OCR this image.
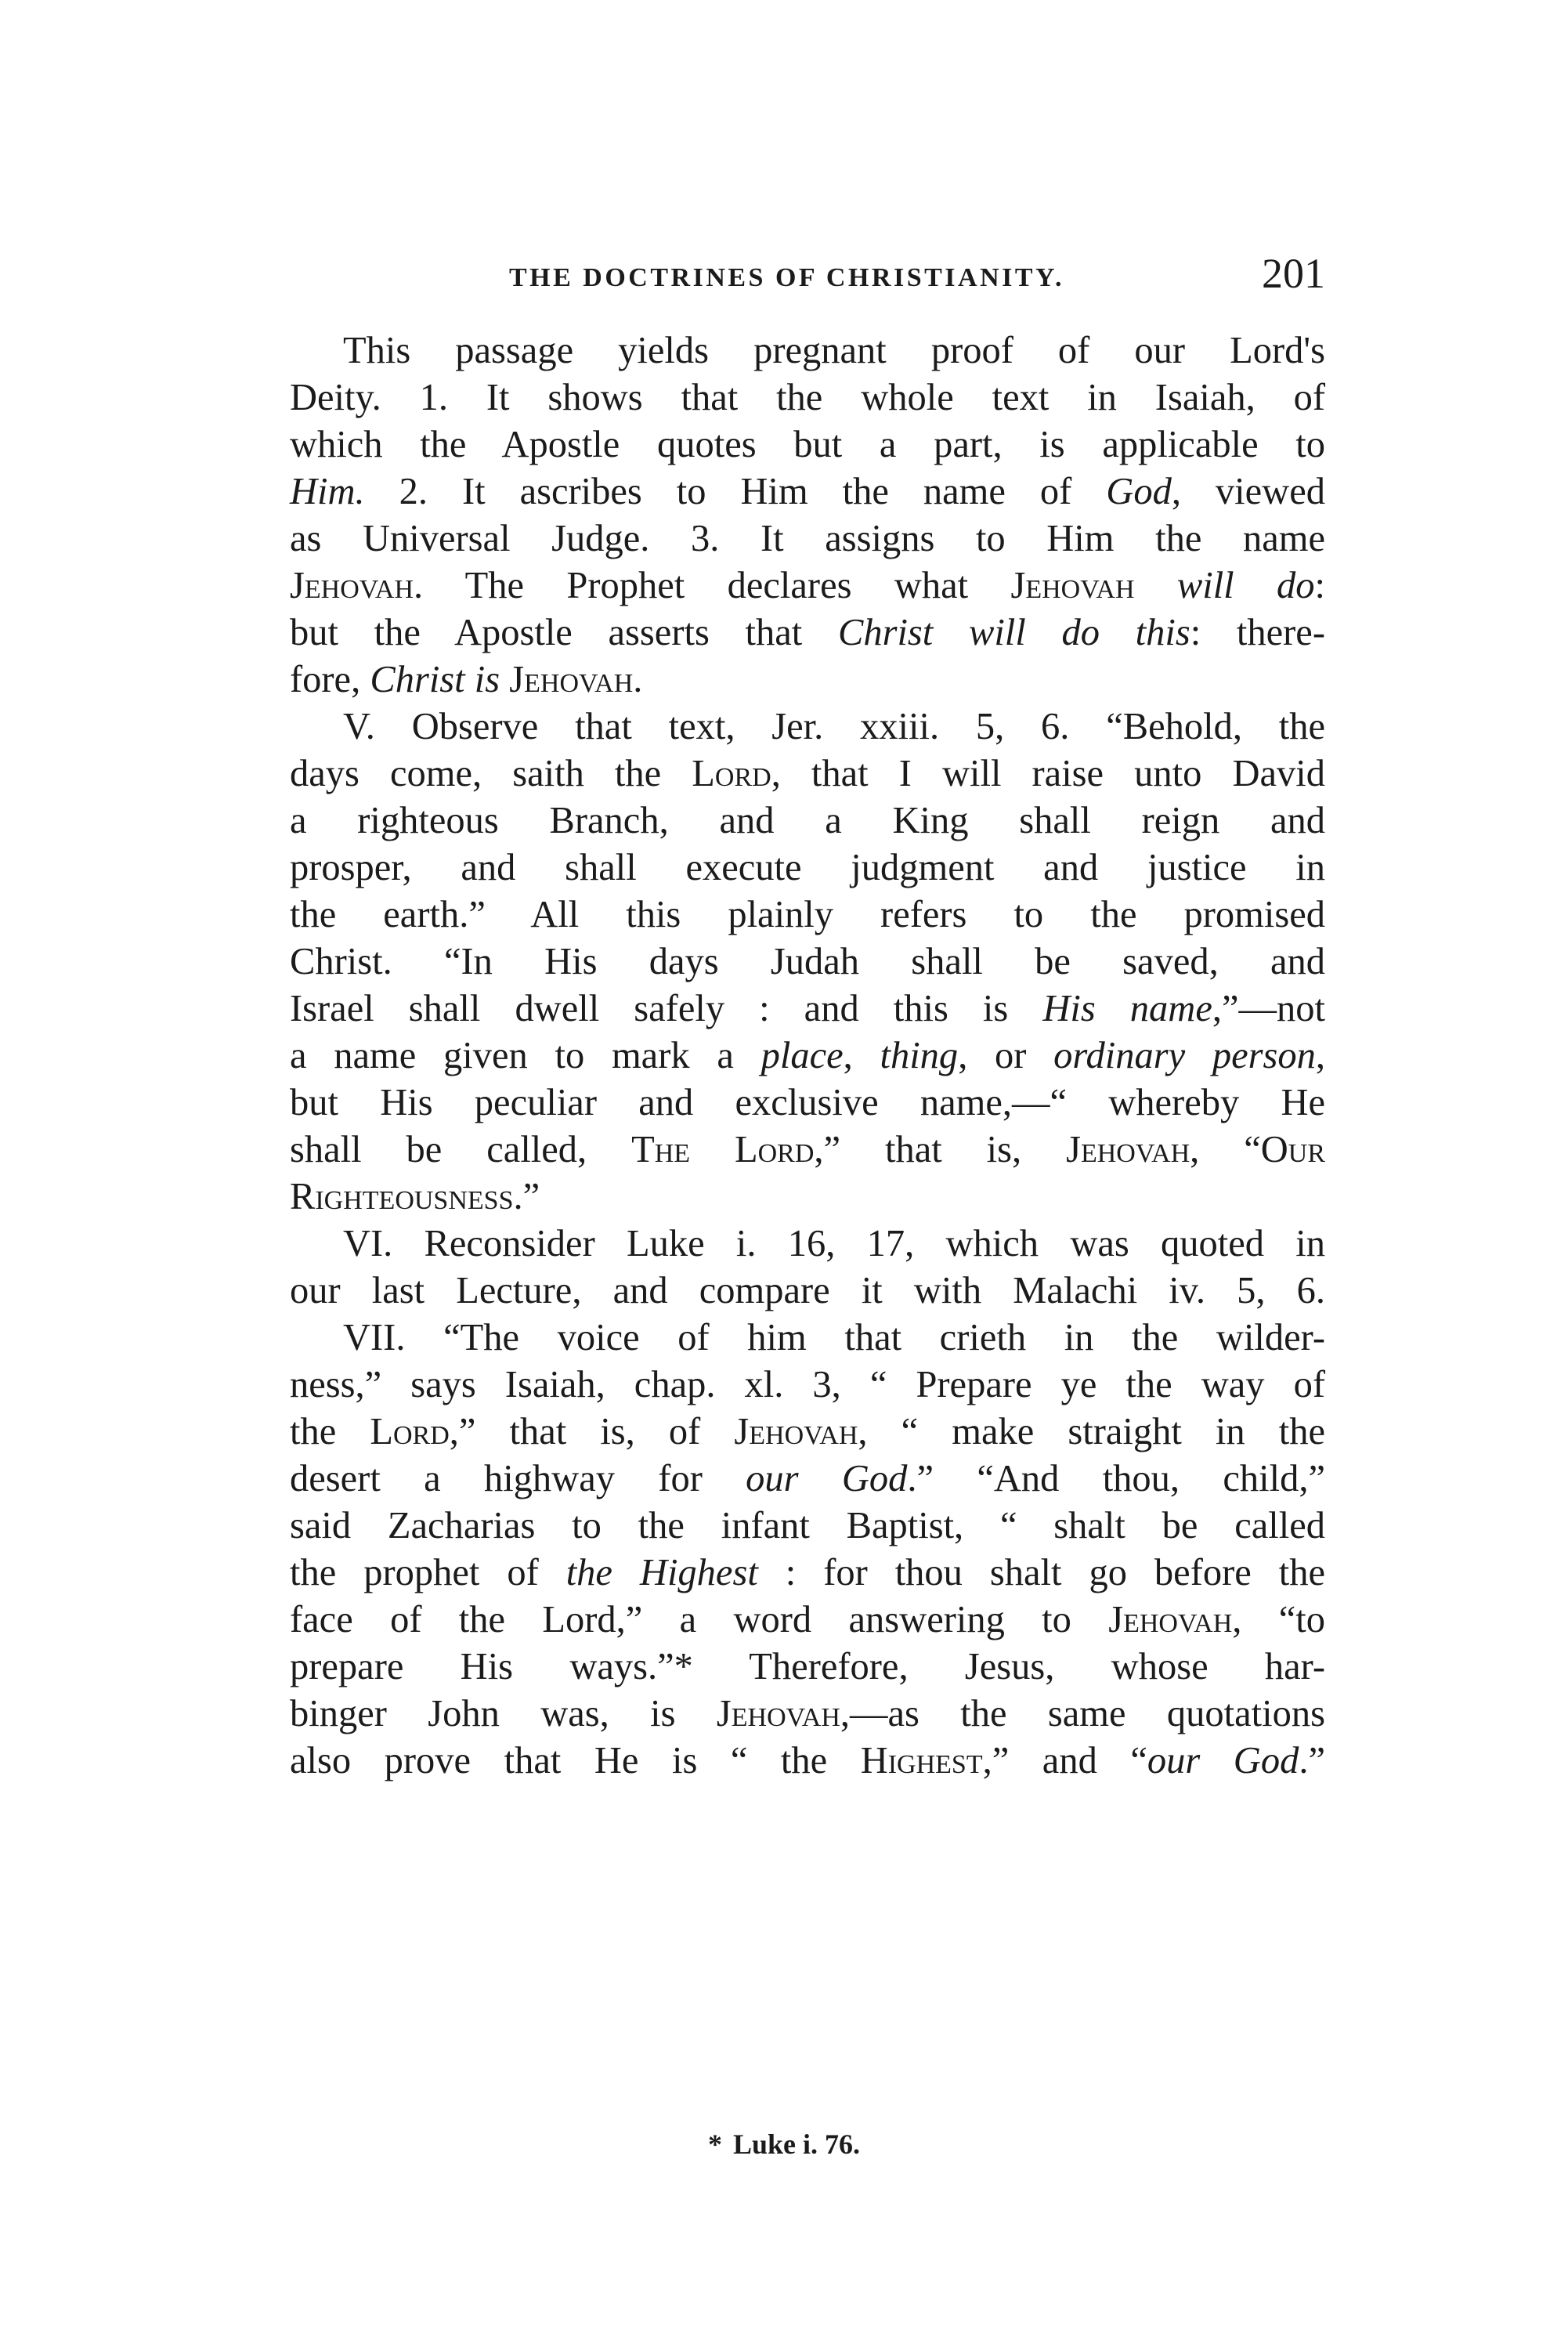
THE DOCTRINES OF CHRISTIANITY.	201
This passage yields pregnant proof of our Lord's
Deity. 1. It shows that the whole text in Isaiah, of
which the Apostle quotes but a part, is applicable to
Him. 2. It ascribes to Him the name of God, viewed
as Universal Judge. 3. It assigns to Him the name
Jehovah. The Prophet declares what Jehovah will do:
but the Apostle asserts that Christ will do this: there-
fore, Christ is Jehovah.
V. Observe that text, Jer. xxiii. 5, 6. “Behold, the
days come, saith the Lord, that I will raise unto David
a righteous Branch, and a King shall reign and
prosper, and shall execute judgment and justice in
the earth.” All this plainly refers to the promised
Christ. “In His days Judah shall be saved, and
Israel shall dwell safely : and this is His name,”—not
a name given to mark a place, thing, or ordinary person,
but His peculiar and exclusive name,—“ whereby He
shall be called, The Lord,” that is, Jehovah, “Our
Righteousness.”
VI. Reconsider Luke i. 16, 17, which was quoted in
our last Lecture, and compare it with Malachi iv. 5, 6.
VII. “The voice of him that crieth in the wilder-
ness,” says Isaiah, chap. xl. 3, “ Prepare ye the way of
the Lord,” that is, of Jehovah, “ make straight in the
desert a highway for our God.” “And thou, child,”
said Zacharias to the infant Baptist, “ shalt be called
the prophet of the Highest : for thou shalt go before the
face of the Lord,” a word answering to Jehovah, “to
prepare His ways.”* Therefore, Jesus, whose har-
binger John was, is Jehovah,—as the same quotations
also prove that He is “ the Highest,” and “our God.”
* Luke i. 76.
